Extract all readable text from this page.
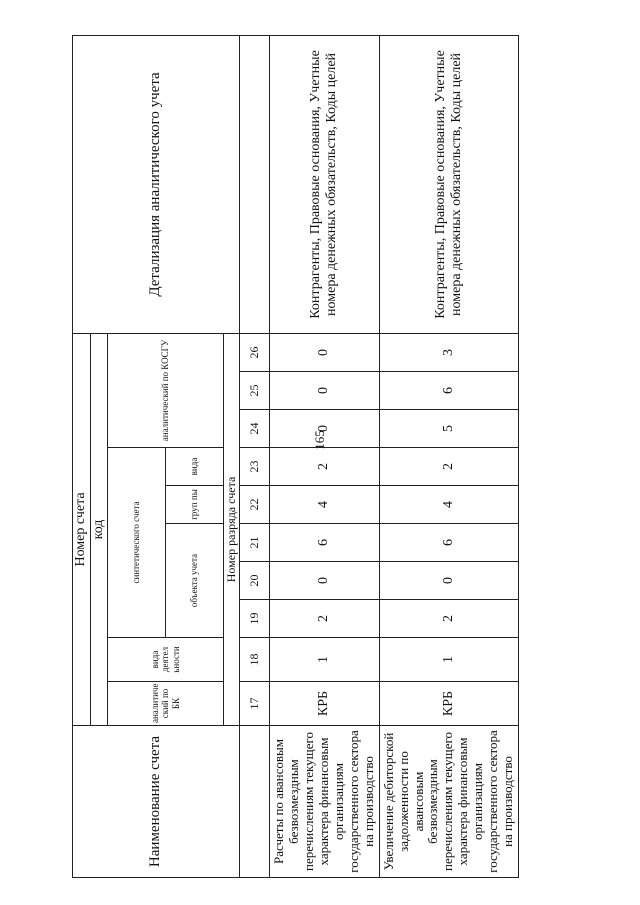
165
Наименование счета	Номер счета										Детализация аналитического учета
	код										
	аналитиче ский по БК	вида деятел ьности	синтетического счета					аналитический по КОСГУ			
			объекта учета			груп пы	вида				
	Номер разряда счета										
	17	18	19	20	21	22	23	24	25	26	
Расчеты по авансовым безвозмездным перечислениям текущего характера финансовым организациям государственного сектора на производство	КРБ	1	2	0	6	4	2	0	0	0	Контрагенты, Правовые основания, Учетные номера денежных обязательств, Коды целей
Увеличение дебиторской задолженности по авансовым безвозмездным перечислениям текущего характера финансовым организациям государственного сектора на производство	КРБ	1	2	0	6	4	2	5	6	3	Контрагенты, Правовые основания, Учетные номера денежных обязательств, Коды целей
